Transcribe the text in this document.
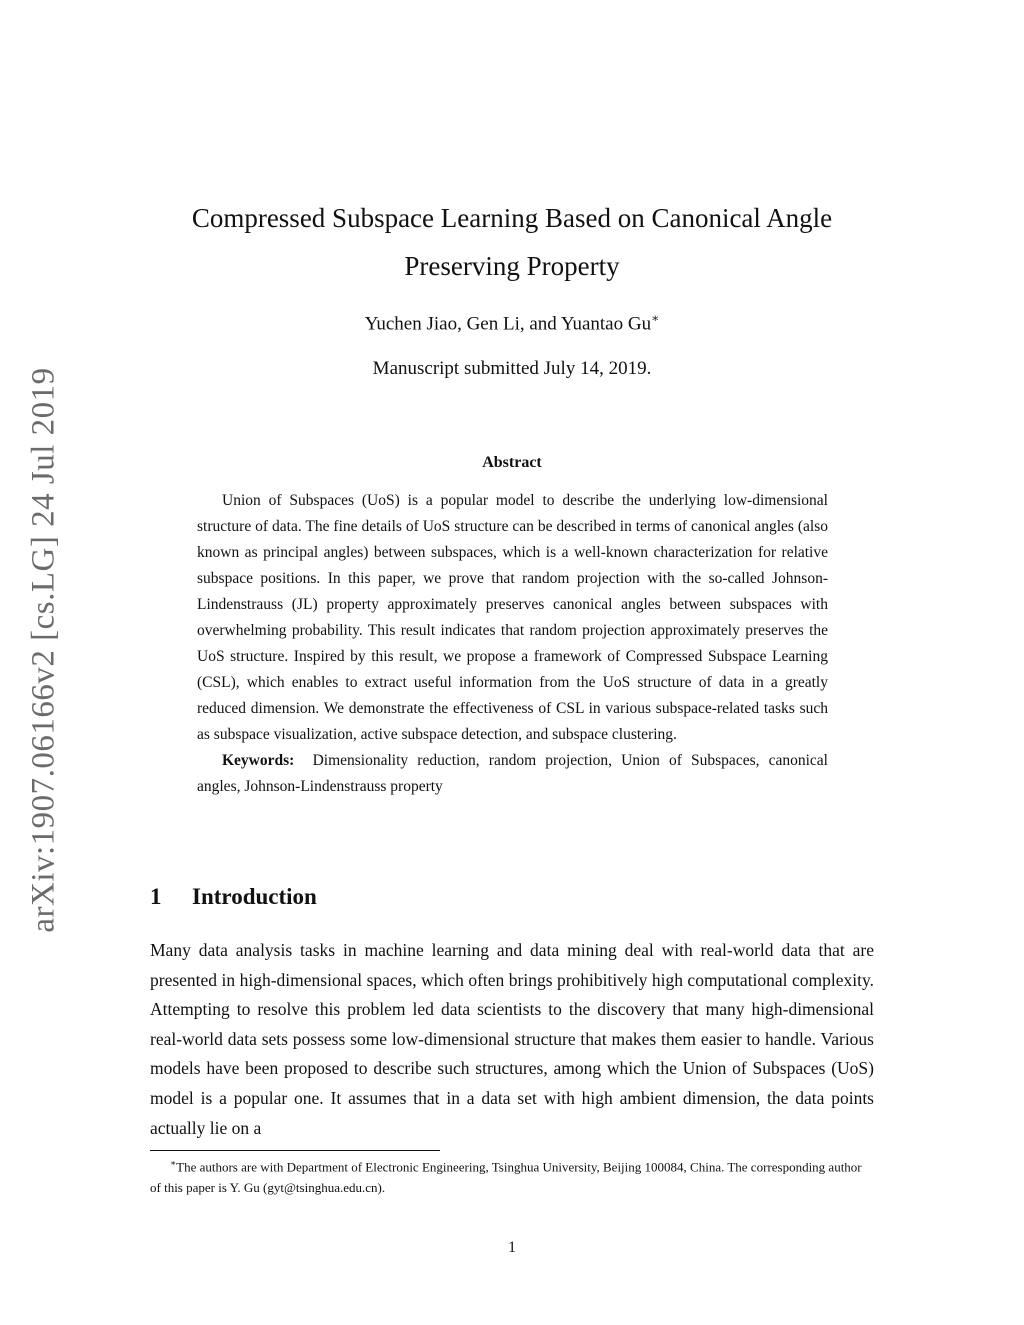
arXiv:1907.06166v2 [cs.LG] 24 Jul 2019
Compressed Subspace Learning Based on Canonical Angle
Preserving Property
Yuchen Jiao, Gen Li, and Yuantao Gu∗
Manuscript submitted July 14, 2019.
Abstract

Union of Subspaces (UoS) is a popular model to describe the underlying low-dimensional structure of data. The fine details of UoS structure can be described in terms of canonical angles (also known as principal angles) between subspaces, which is a well-known characterization for relative subspace positions. In this paper, we prove that random projection with the so-called Johnson-Lindenstrauss (JL) property approximately preserves canonical angles between subspaces with overwhelming probability. This result indicates that random projection approximately preserves the UoS structure. Inspired by this result, we propose a framework of Compressed Subspace Learning (CSL), which enables to extract useful information from the UoS structure of data in a greatly reduced dimension. We demonstrate the effectiveness of CSL in various subspace-related tasks such as subspace visualization, active subspace detection, and subspace clustering.

Keywords: Dimensionality reduction, random projection, Union of Subspaces, canonical angles, Johnson-Lindenstrauss property

1 Introduction

Many data analysis tasks in machine learning and data mining deal with real-world data that are presented in high-dimensional spaces, which often brings prohibitively high computational complexity. Attempting to resolve this problem led data scientists to the discovery that many high-dimensional real-world data sets possess some low-dimensional structure that makes them easier to handle. Various models have been proposed to describe such structures, among which the Union of Subspaces (UoS) model is a popular one. It assumes that in a data set with high ambient dimension, the data points actually lie on a

∗The authors are with Department of Electronic Engineering, Tsinghua University, Beijing 100084, China. The corresponding author of this paper is Y. Gu (gyt@tsinghua.edu.cn).

1
